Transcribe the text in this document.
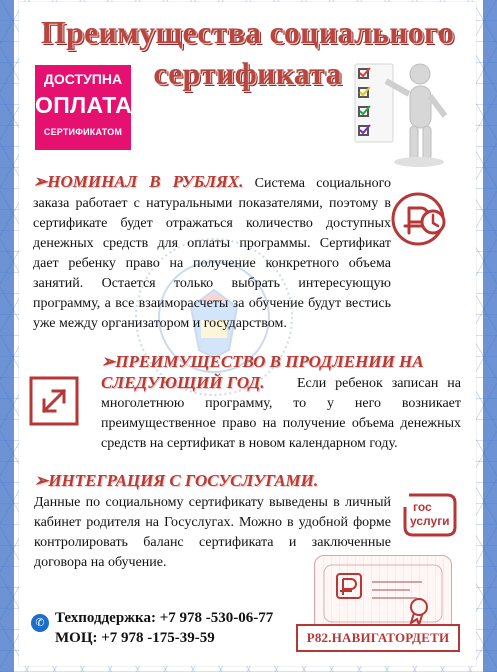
Преимущества социального
сертификата
ДОСТУПНА
ОПЛАТА
СЕРТИФИКАТОМ
➢НОМИНАЛ В РУБЛЯХ. Система социального заказа работает с натуральными показателями, поэтому в сертификате будет отражаться количество доступных денежных средств для оплаты программы. Сертификат дает ребенку право на получение конкретного объема занятий. Остается только выбрать интересующую программу, а все взаиморасчеты за обучение будут вестись уже между организатором и государством.
➢ПРЕИМУЩЕСТВО В ПРОДЛЕНИИ НА СЛЕДУЮЩИЙ ГОД.	Если ребенок записан на многолетнюю программу, то у него возникает преимущественное право на получение объема денежных средств на сертификат в новом календарном году.
➢ИНТЕГРАЦИЯ С ГОСУСЛУГАМИ.
Данные по социальному сертификату выведены в личный кабинет родителя на Госуслугах. Можно в удобной форме контролировать баланс сертификата и заключенные договора на обучение.
гос
услуги
✆ Техподдержка: +7 978 -530-06-77
МОЦ: +7 978 -175-39-59	Р82.НАВИГАТОРДЕТИ
